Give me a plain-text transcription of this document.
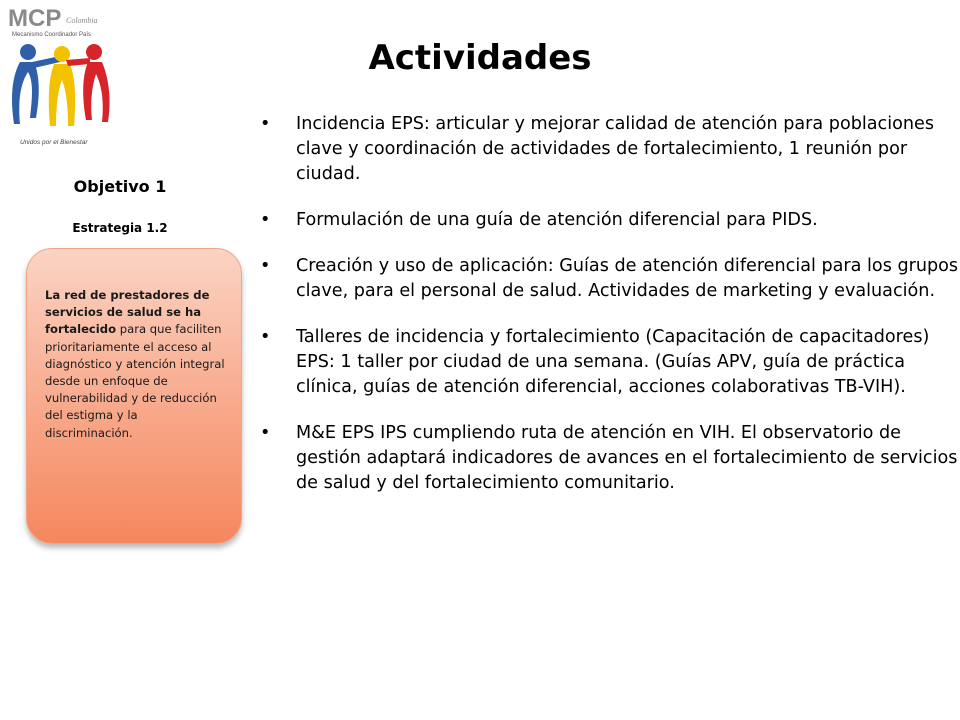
MCP Colombia
Mecanismo Coordinador País
Unidos por el Bienestar
Actividades
Objetivo 1
Estrategia 1.2
La red de prestadores de servicios de salud se ha fortalecido para que faciliten prioritariamente el acceso al diagnóstico y atención integral desde un enfoque de vulnerabilidad y de reducción del estigma y la discriminación.
• Incidencia EPS: articular y mejorar calidad de atención para poblaciones clave y coordinación de actividades de fortalecimiento, 1 reunión por ciudad.
• Formulación de una guía de atención diferencial para PIDS.
• Creación y uso de aplicación: Guías de atención diferencial para los grupos clave, para el personal de salud. Actividades de marketing y evaluación.
• Talleres de incidencia y fortalecimiento (Capacitación de capacitadores) EPS: 1 taller por ciudad de una semana. (Guías APV, guía de práctica clínica, guías de atención diferencial, acciones colaborativas TB-VIH).
• M&E EPS IPS cumpliendo ruta de atención en VIH. El observatorio de gestión adaptará indicadores de avances en el fortalecimiento de servicios de salud y del fortalecimiento comunitario.
